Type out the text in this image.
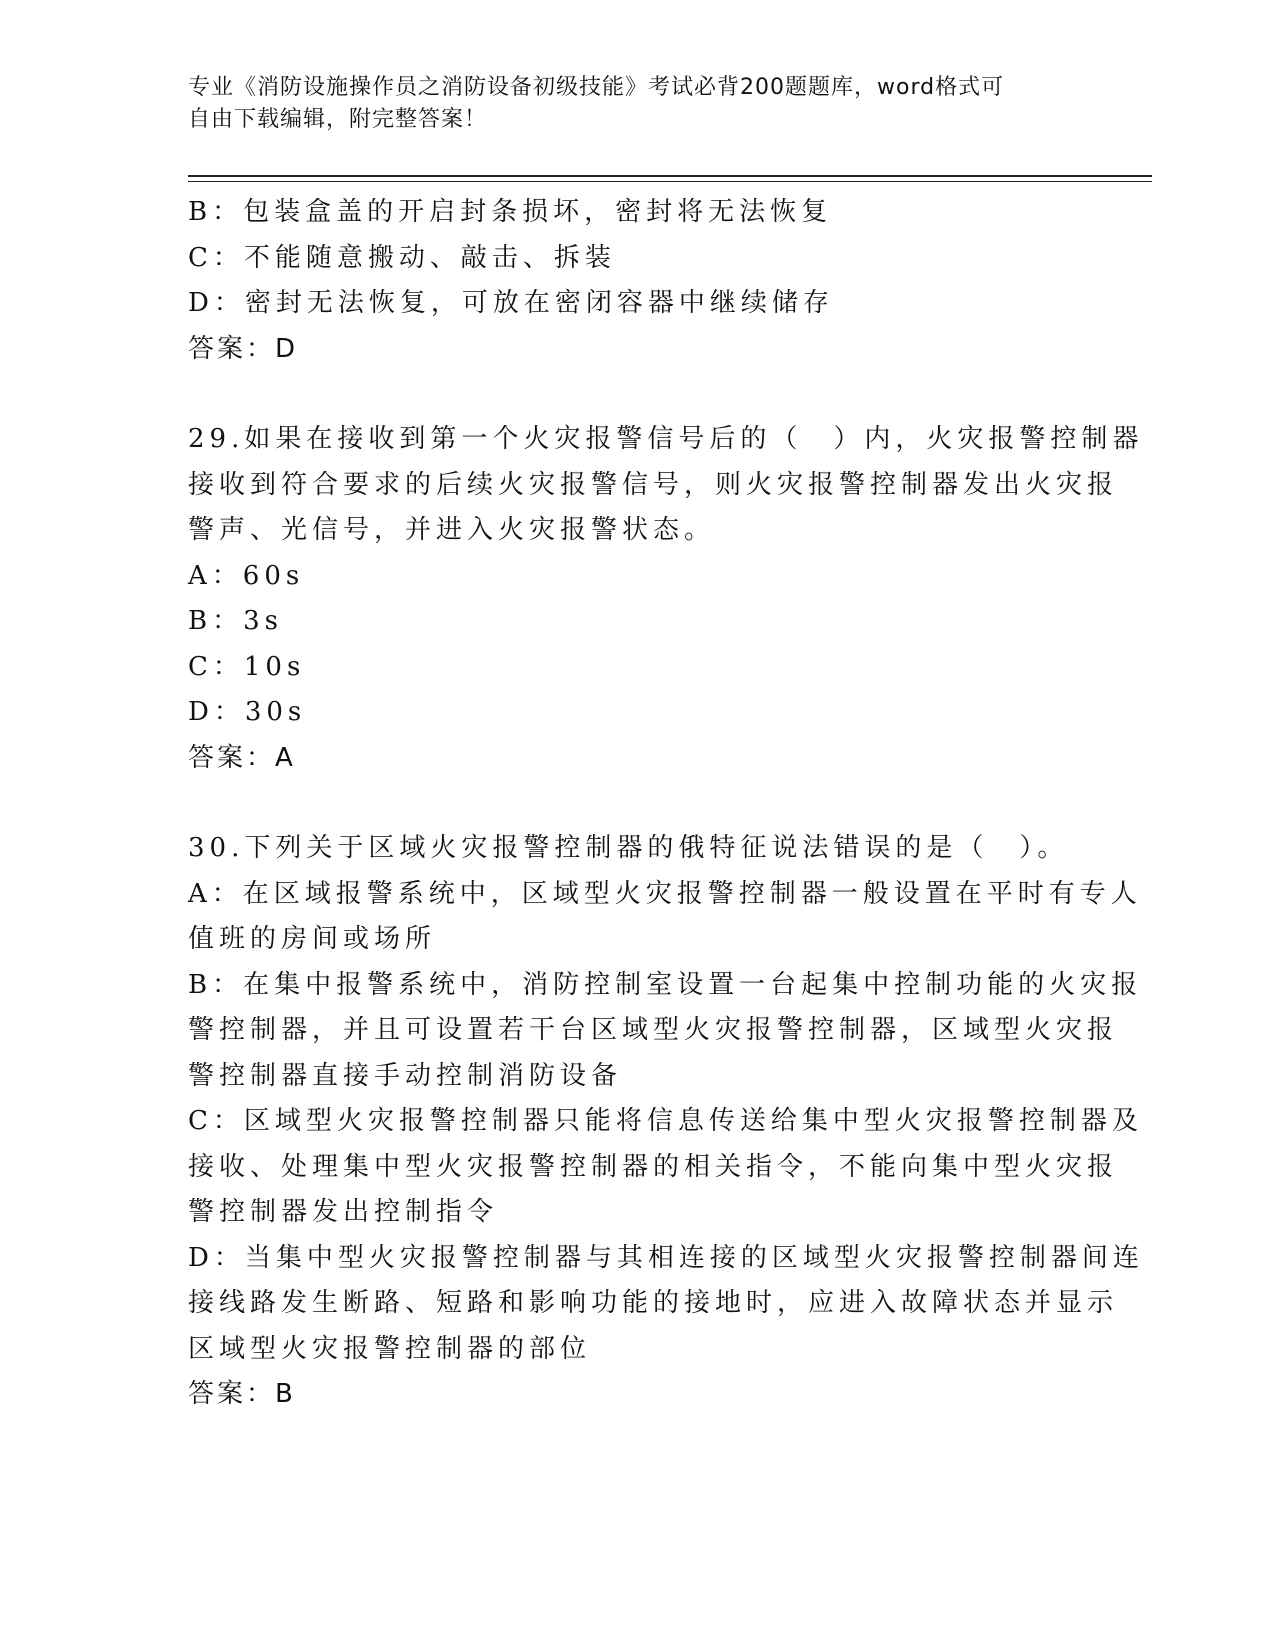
专业《消防设施操作员之消防设备初级技能》考试必背200题题库，word格式可
自由下载编辑，附完整答案！
B：包装盒盖的开启封条损坏，密封将无法恢复
C：不能随意搬动、敲击、拆装
D：密封无法恢复，可放在密闭容器中继续储存
答案：D
29.如果在接收到第一个火灾报警信号后的（　）内，火灾报警控制器
接收到符合要求的后续火灾报警信号，则火灾报警控制器发出火灾报
警声、光信号，并进入火灾报警状态。
A：60s
B：3s
C：10s
D：30s
答案：A
30.下列关于区域火灾报警控制器的俄特征说法错误的是（　）。
A：在区域报警系统中，区域型火灾报警控制器一般设置在平时有专人
值班的房间或场所
B：在集中报警系统中，消防控制室设置一台起集中控制功能的火灾报
警控制器，并且可设置若干台区域型火灾报警控制器，区域型火灾报
警控制器直接手动控制消防设备
C：区域型火灾报警控制器只能将信息传送给集中型火灾报警控制器及
接收、处理集中型火灾报警控制器的相关指令，不能向集中型火灾报
警控制器发出控制指令
D：当集中型火灾报警控制器与其相连接的区域型火灾报警控制器间连
接线路发生断路、短路和影响功能的接地时，应进入故障状态并显示
区域型火灾报警控制器的部位
答案：B
